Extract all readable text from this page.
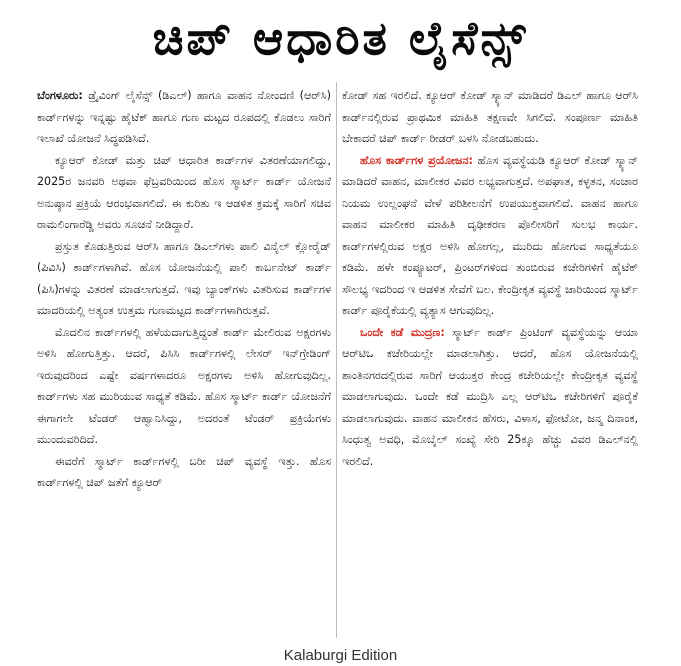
ಚಿಪ್ ಆಧಾರಿತ ಲೈಸೆನ್ಸ್

ಬೆಂಗಳೂರು: ಡ್ರೈವಿಂಗ್ ಲೈಸೆನ್ಸ್ (ಡಿಎಲ್) ಹಾಗೂ ವಾಹನ ನೋಂದಣಿ (ಆರ್‌ಸಿ) ಕಾರ್ಡ್‌ಗಳನ್ನು ಇನ್ನಷ್ಟು ಹೈಟೆಕ್ ಹಾಗೂ ಗುಣ ಮಟ್ಟದ ರೂಪದಲ್ಲಿ ಕೊಡಲು ಸಾರಿಗೆ ಇಲಾಖೆ ಯೋಜನೆ ಸಿದ್ಧಪಡಿಸಿದೆ.

ಕ್ಯೂಆರ್ ಕೋಡ್ ಮತ್ತು ಚಿಪ್ ಆಧಾರಿತ ಕಾರ್ಡ್‌ಗಳ ವಿತರಣೆಯಾಗಲಿದ್ದು, 2025ರ ಜನವರಿ ಅಥವಾ ಫೆಬ್ರವರಿಯಿಂದ ಹೊಸ ಸ್ಮಾರ್ಟ್ ಕಾರ್ಡ್ ಯೋಜನೆ ಅನುಷ್ಠಾನ ಪ್ರಕ್ರಿಯೆ ಆರಂಭವಾಗಲಿದೆ. ಈ ಕುರಿತು ಇ ಆಡಳಿತ ಕ್ರಮಕ್ಕೆ ಸಾರಿಗೆ ಸಚಿವ ರಾಮಲಿಂಗಾರೆಡ್ಡಿ ಅವರು ಸೂಚನೆ ನೀಡಿದ್ದಾರೆ.

ಪ್ರಸ್ತುತ ಕೊಡುತ್ತಿರುವ ಆರ್‌ಸಿ ಹಾಗೂ ಡಿಎಲ್‌ಗಳು ಪಾಲಿ ವಿನೈಲ್ ಕ್ಲೋರೈಡ್ (ಪಿವಿಸಿ) ಕಾರ್ಡ್‌ಗಳಾಗಿವೆ. ಹೊಸ ಯೋಜನೆಯಲ್ಲಿ ಪಾಲಿ ಕಾರ್ಬನೇಟ್ ಕಾರ್ಡ್ (ಪಿಸಿ)ಗಳನ್ನು ವಿತರಣೆ ಮಾಡಲಾಗುತ್ತದೆ. ಇವು ಬ್ಯಾಂಕ್‌ಗಳು ವಿತರಿಸುವ ಕಾರ್ಡ್‌ಗಳ ಮಾದರಿಯಲ್ಲಿ ಅತ್ಯಂತ ಉತ್ತಮ ಗುಣಮಟ್ಟದ ಕಾರ್ಡ್‌ಗಳಾಗಿರುತ್ತವೆ.

ಮೊದಲಿನ ಕಾರ್ಡ್‌ಗಳಲ್ಲಿ ಹಳೆಯದಾಗುತ್ತಿದ್ದಂತೆ ಕಾರ್ಡ್ ಮೇಲಿರುವ ಅಕ್ಷರಗಳು ಅಳಿಸಿ ಹೋಗುತ್ತಿತ್ತು. ಆದರೆ, ಪಿಸಿಸಿ ಕಾರ್ಡ್‌ಗಳಲ್ಲಿ ಲೇಸರ್ ಇನ್‌ಗ್ರೇಡಿಂಗ್ ಇರುವುದರಿಂದ ಎಷ್ಟೇ ವರ್ಷಗಳಾದರೂ ಅಕ್ಷರಗಳು ಅಳಿಸಿ ಹೋಗುವುದಿಲ್ಲ. ಕಾರ್ಡ್‌ಗಳು ಸಹ ಮುರಿಯುವ ಸಾಧ್ಯತೆ ಕಡಿಮೆ. ಹೊಸ ಸ್ಮಾರ್ಟ್ ಕಾರ್ಡ್ ಯೋಜನೆಗೆ ಈಗಾಗಲೇ ಟೆಂಡರ್ ಆಹ್ವಾನಿಸಿದ್ದು, ಅದರಂತೆ ಟೆಂಡರ್ ಪ್ರಕ್ರಿಯೆಗಳು ಮುಂದುವರಿದಿದೆ.

ಈವರೆಗೆ ಸ್ಮಾರ್ಟ್ ಕಾರ್ಡ್‌ಗಳಲ್ಲಿ ಬರೀ ಚಿಪ್ ವ್ಯವಸ್ಥೆ ಇತ್ತು. ಹೊಸ ಕಾರ್ಡ್‌ಗಳಲ್ಲಿ ಚಿಪ್ ಜತೆಗೆ ಕ್ಯೂಆರ್

ಕೋಡ್ ಸಹ ಇರಲಿದೆ. ಕ್ಯೂಆರ್ ಕೋಡ್ ಸ್ಕ್ಯಾನ್ ಮಾಡಿದರೆ ಡಿಎಲ್ ಹಾಗೂ ಆರ್‌ಸಿ ಕಾರ್ಡ್‌ನಲ್ಲಿರುವ ಪ್ರಾಥಮಿಕ ಮಾಹಿತಿ ತಕ್ಷಣವೇ ಸಿಗಲಿದೆ. ಸಂಪೂರ್ಣ ಮಾಹಿತಿ ಬೇಕಾದರೆ ಚಿಪ್ ಕಾರ್ಡ್ ರೀಡರ್ ಬಳಸಿ ನೋಡಬಹುದು.

ಹೊಸ ಕಾರ್ಡ್‌ಗಳ ಪ್ರಯೋಜನ: ಹೊಸ ವ್ಯವಸ್ಥೆಯಡಿ ಕ್ಯೂಆರ್ ಕೋಡ್ ಸ್ಕ್ಯಾನ್ ಮಾಡಿದರೆ ವಾಹನ, ಮಾಲೀಕರ ವಿವರ ಲಭ್ಯವಾಗುತ್ತದೆ. ಅಪಘಾತ, ಕಳ್ಳತನ, ಸಂಚಾರ ನಿಯಮ ಉಲ್ಲಂಘನೆ ವೇಳೆ ಪರಿಶೀಲನೆಗೆ ಉಪಯುಕ್ತವಾಗಲಿದೆ. ವಾಹನ ಹಾಗೂ ವಾಹನ ಮಾಲೀಕರ ಮಾಹಿತಿ ದೃಢೀಕರಣ ಪೊಲೀಸರಿಗೆ ಸುಲಭ ಕಾರ್ಯ. ಕಾರ್ಡ್‌ಗಳಲ್ಲಿರುವ ಅಕ್ಷರ ಅಳಿಸಿ ಹೋಗಲ್ಲ, ಮುರಿದು ಹೋಗುವ ಸಾಧ್ಯತೆಯೂ ಕಡಿಮೆ. ಹಳೇ ಕಂಪ್ಯೂಟರ್, ಪ್ರಿಂಟರ್‌ಗಳಿಂದ ತುಂಬಿರುವ ಕಚೇರಿಗಳಿಗೆ ಹೈಟೆಕ್ ಸೌಲಭ್ಯ ಇದರಿಂದ ಇ ಆಡಳಿತ ಸೇವೆಗೆ ಬಲ. ಕೇಂದ್ರೀಕೃತ ವ್ಯವಸ್ಥೆ ಜಾರಿಯಿಂದ ಸ್ಮಾರ್ಟ್ ಕಾರ್ಡ್ ಪೂರೈಕೆಯಲ್ಲಿ ವ್ಯತ್ಯಾಸ ಆಗುವುದಿಲ್ಲ.

ಒಂದೇ ಕಡೆ ಮುದ್ರಣ: ಸ್ಮಾರ್ಟ್ ಕಾರ್ಡ್ ಪ್ರಿಂಟಿಂಗ್ ವ್ಯವಸ್ಥೆಯನ್ನು ಆಯಾ ಆರ್‌ಟಿಒ ಕಚೇರಿಯಲ್ಲೇ ಮಾಡಲಾಗಿತ್ತು. ಆದರೆ, ಹೊಸ ಯೋಜನೆಯಲ್ಲಿ ಶಾಂತಿನಗರದಲ್ಲಿರುವ ಸಾರಿಗೆ ಆಯುಕ್ತರ ಕೇಂದ್ರ ಕಚೇರಿಯಲ್ಲೇ ಕೇಂದ್ರೀಕೃತ ವ್ಯವಸ್ಥೆ ಮಾಡಲಾಗುವುದು. ಒಂದೇ ಕಡೆ ಮುದ್ರಿಸಿ ಎಲ್ಲ ಆರ್‌ಟಿಒ ಕಚೇರಿಗಳಿಗೆ ಪೂರೈಕೆ ಮಾಡಲಾಗುವುದು. ವಾಹನ ಮಾಲೀಕನ ಹೆಸರು, ವಿಳಾಸ, ಫೋಟೋ, ಜನ್ಮ ದಿನಾಂಕ, ಸಿಂಧುತ್ವ ಅವಧಿ, ಮೊಬೈಲ್ ಸಂಖ್ಯೆ ಸೇರಿ 25ಕ್ಕೂ ಹೆಚ್ಚು ವಿವರ ಡಿಎಲ್‌ನಲ್ಲಿ ಇರಲಿದೆ.

Kalaburgi Edition
